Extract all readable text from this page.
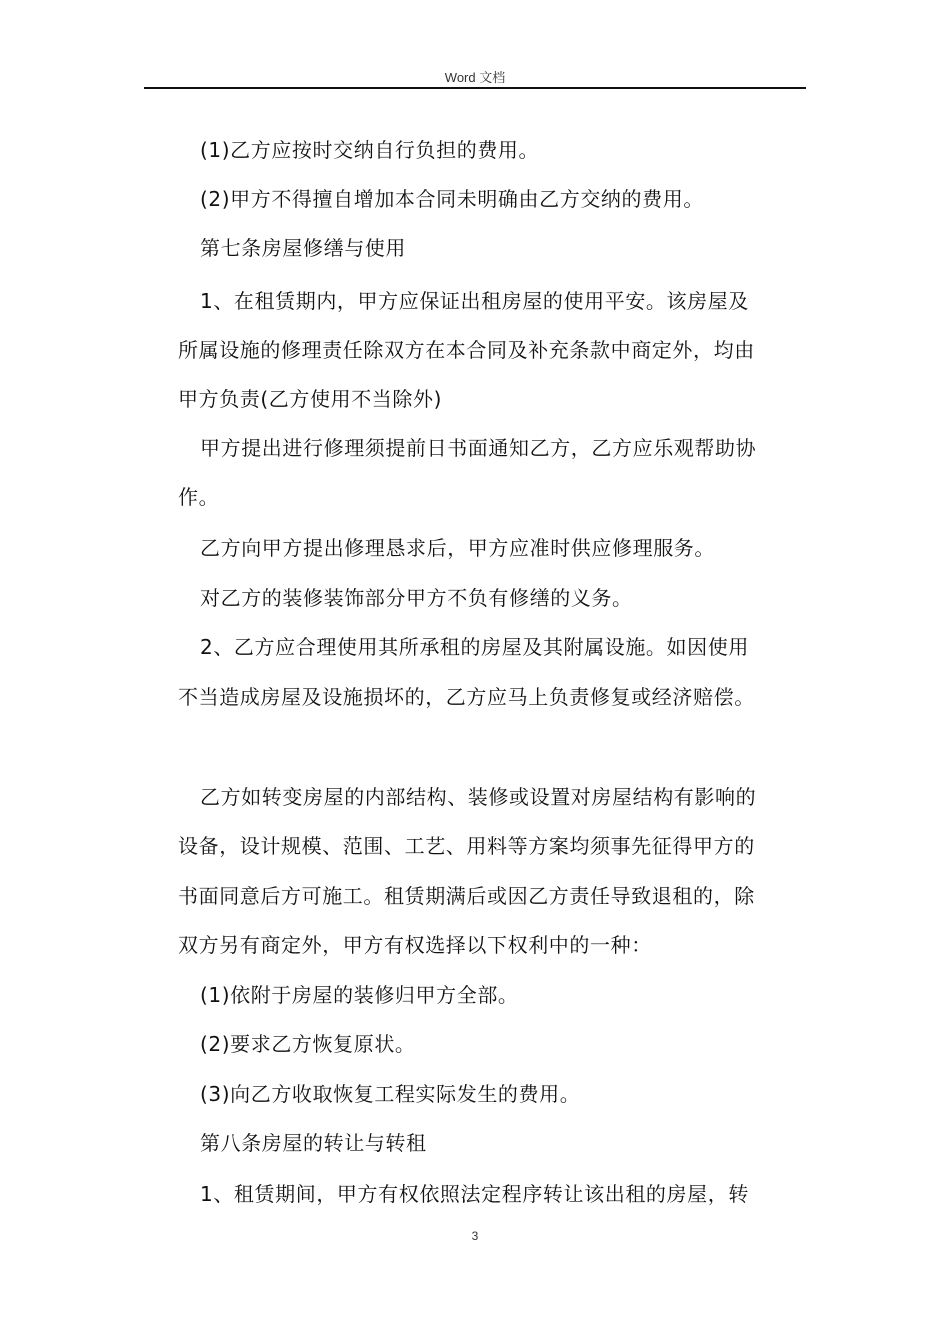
Word 文档

(1)乙方应按时交纳自行负担的费用。

(2)甲方不得擅自增加本合同未明确由乙方交纳的费用。

第七条房屋修缮与使用

1、在租赁期内，甲方应保证出租房屋的使用平安。该房屋及

所属设施的修理责任除双方在本合同及补充条款中商定外，均由

甲方负责(乙方使用不当除外)

甲方提出进行修理须提前日书面通知乙方，乙方应乐观帮助协

作。

乙方向甲方提出修理恳求后，甲方应准时供应修理服务。

对乙方的装修装饰部分甲方不负有修缮的义务。

2、乙方应合理使用其所承租的房屋及其附属设施。如因使用

不当造成房屋及设施损坏的，乙方应马上负责修复或经济赔偿。

乙方如转变房屋的内部结构、装修或设置对房屋结构有影响的

设备，设计规模、范围、工艺、用料等方案均须事先征得甲方的

书面同意后方可施工。租赁期满后或因乙方责任导致退租的，除

双方另有商定外，甲方有权选择以下权利中的一种：

(1)依附于房屋的装修归甲方全部。

(2)要求乙方恢复原状。

(3)向乙方收取恢复工程实际发生的费用。

第八条房屋的转让与转租

1、租赁期间，甲方有权依照法定程序转让该出租的房屋，转

3
